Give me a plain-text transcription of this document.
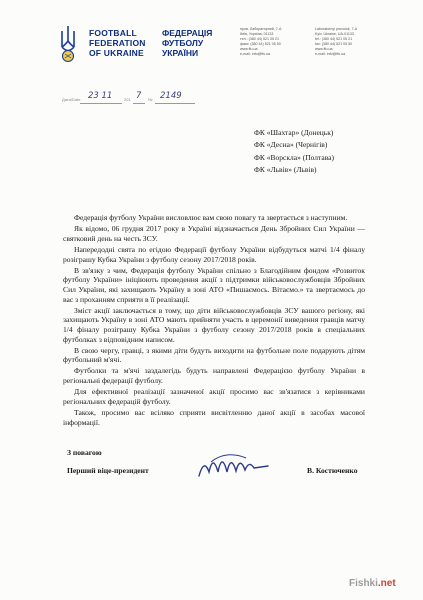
FOOTBALL
FEDERATION
OF UKRAINE
ФЕДЕРАЦІЯ
ФУТБОЛУ
УКРАЇНИ
пров. Лабораторний, 7-А
Київ, Україна, 01133
тел.: (380 44) 521 05 21
факс: (380 44) 521 05 50
www.ffu.ua
e-mail: info@ffu.ua
Laboratornyi provulok, 7-A
Kyiv, Ukraine, UA-01133
tel.: (380 44) 521 05 21
fax: (380 44) 521 05 50
www.ffu.ua
e-mail: info@ffu.ua
Дата/Date 23 11	201 7 № 2149
ФК «Шахтар» (Донецьк)
ФК «Десна» (Чернігів)
ФК «Ворскла» (Полтава)
ФК «Львів» (Львів)

Федерація футболу України висловлює вам свою повагу та звертається з наступним.

Як відомо, 06 грудня 2017 року в Україні відзначається День Збройних Сил України — святковий день на честь ЗСУ.

Напередодні свята по егідою Федерації футболу України відбудуться матчі 1/4 фіналу розіграшу Кубка України з футболу сезону 2017/2018 років.

В зв'язку з чим, Федерація футболу України спільно з Благодійним фондом «Розвиток футболу України» ініціюють проведення акції з підтримки військовослужбовців Збройних Сил України, які захищають Україну в зоні АТО «Пишаємось. Вітаємо.» та звертаємось до вас з проханням сприяти в її реалізації.

Зміст акції заключається в тому, що діти військовослужбовців ЗСУ вашого регіону, які захищають Україну в зоні АТО мають прийняти участь в церемонії виведення гравців матчу 1/4 фіналу розіграшу Кубка України з футболу сезону 2017/2018 років в спеціальних футболках з відповідним написом.

В свою чергу, гравці, з якими діти будуть виходити на футбольне поле подарують дітям футбольний м'ячі.

Футболки та м'ячі заздалегідь будуть направлені Федерацією футболу України в регіональні федерації футболу.

Для ефективної реалізації зазначеної акції просимо вас зв'язатися з керівниками регіональних федерацій футболу.

Також, просимо вас всіляко сприяти висвітленню даної акції в засобах масової інформації.

З повагою
Перший віце-президент	В. Костюченко
Fishki.net
